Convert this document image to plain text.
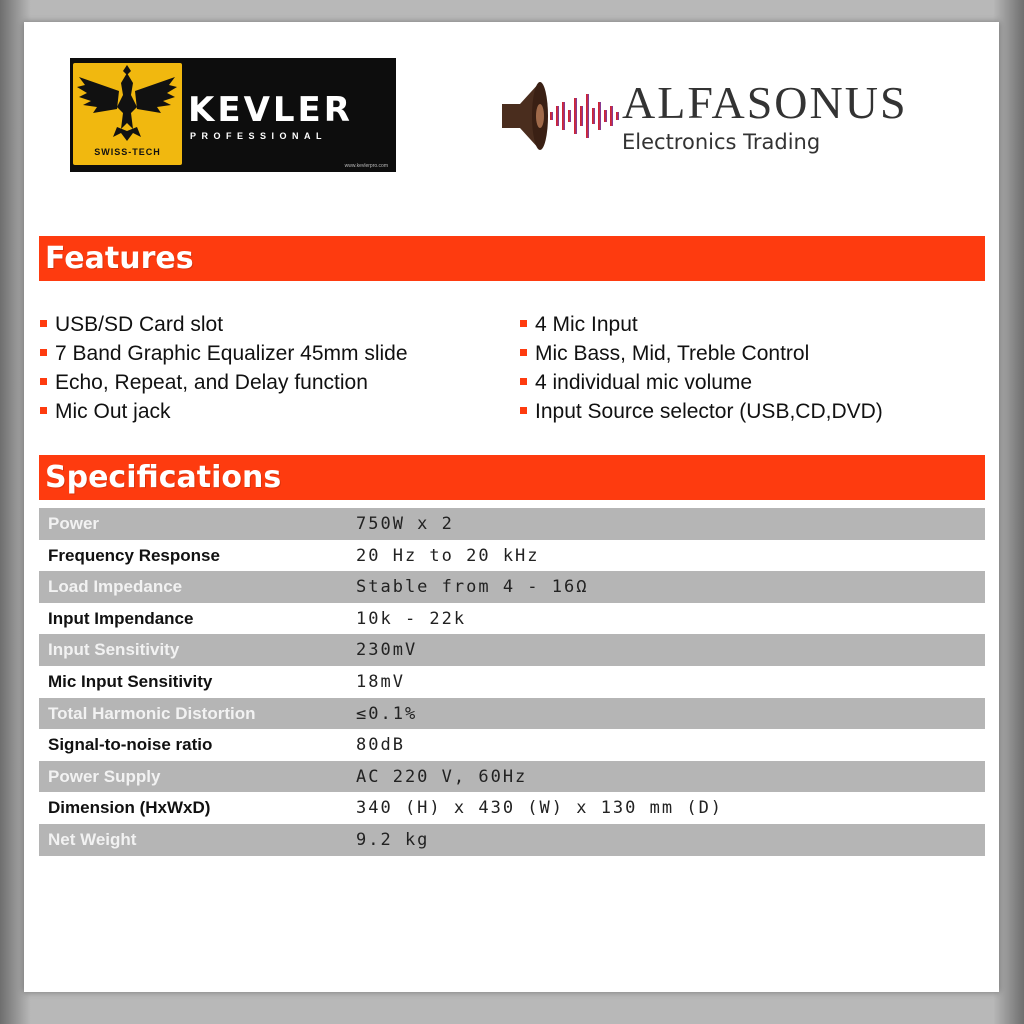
SWISS-TECH
KEVLER
PROFESSIONAL
www.kevlerpro.com
ALFASONUS
Electronics Trading
Features
USB/SD Card slot
7 Band Graphic Equalizer 45mm slide
Echo, Repeat, and Delay function
Mic Out jack
4 Mic Input
Mic Bass, Mid, Treble Control
4 individual mic volume
Input Source selector (USB,CD,DVD)
Specifications
Power	750W x 2
Frequency Response	20 Hz to 20 kHz
Load Impedance	Stable from 4 - 16Ω
Input Impendance	10k - 22k
Input Sensitivity	230mV
Mic Input Sensitivity	18mV
Total Harmonic Distortion	≤0.1%
Signal-to-noise ratio	80dB
Power Supply	AC 220 V, 60Hz
Dimension (HxWxD)	340 (H) x 430 (W) x 130 mm (D)
Net Weight	9.2 kg
